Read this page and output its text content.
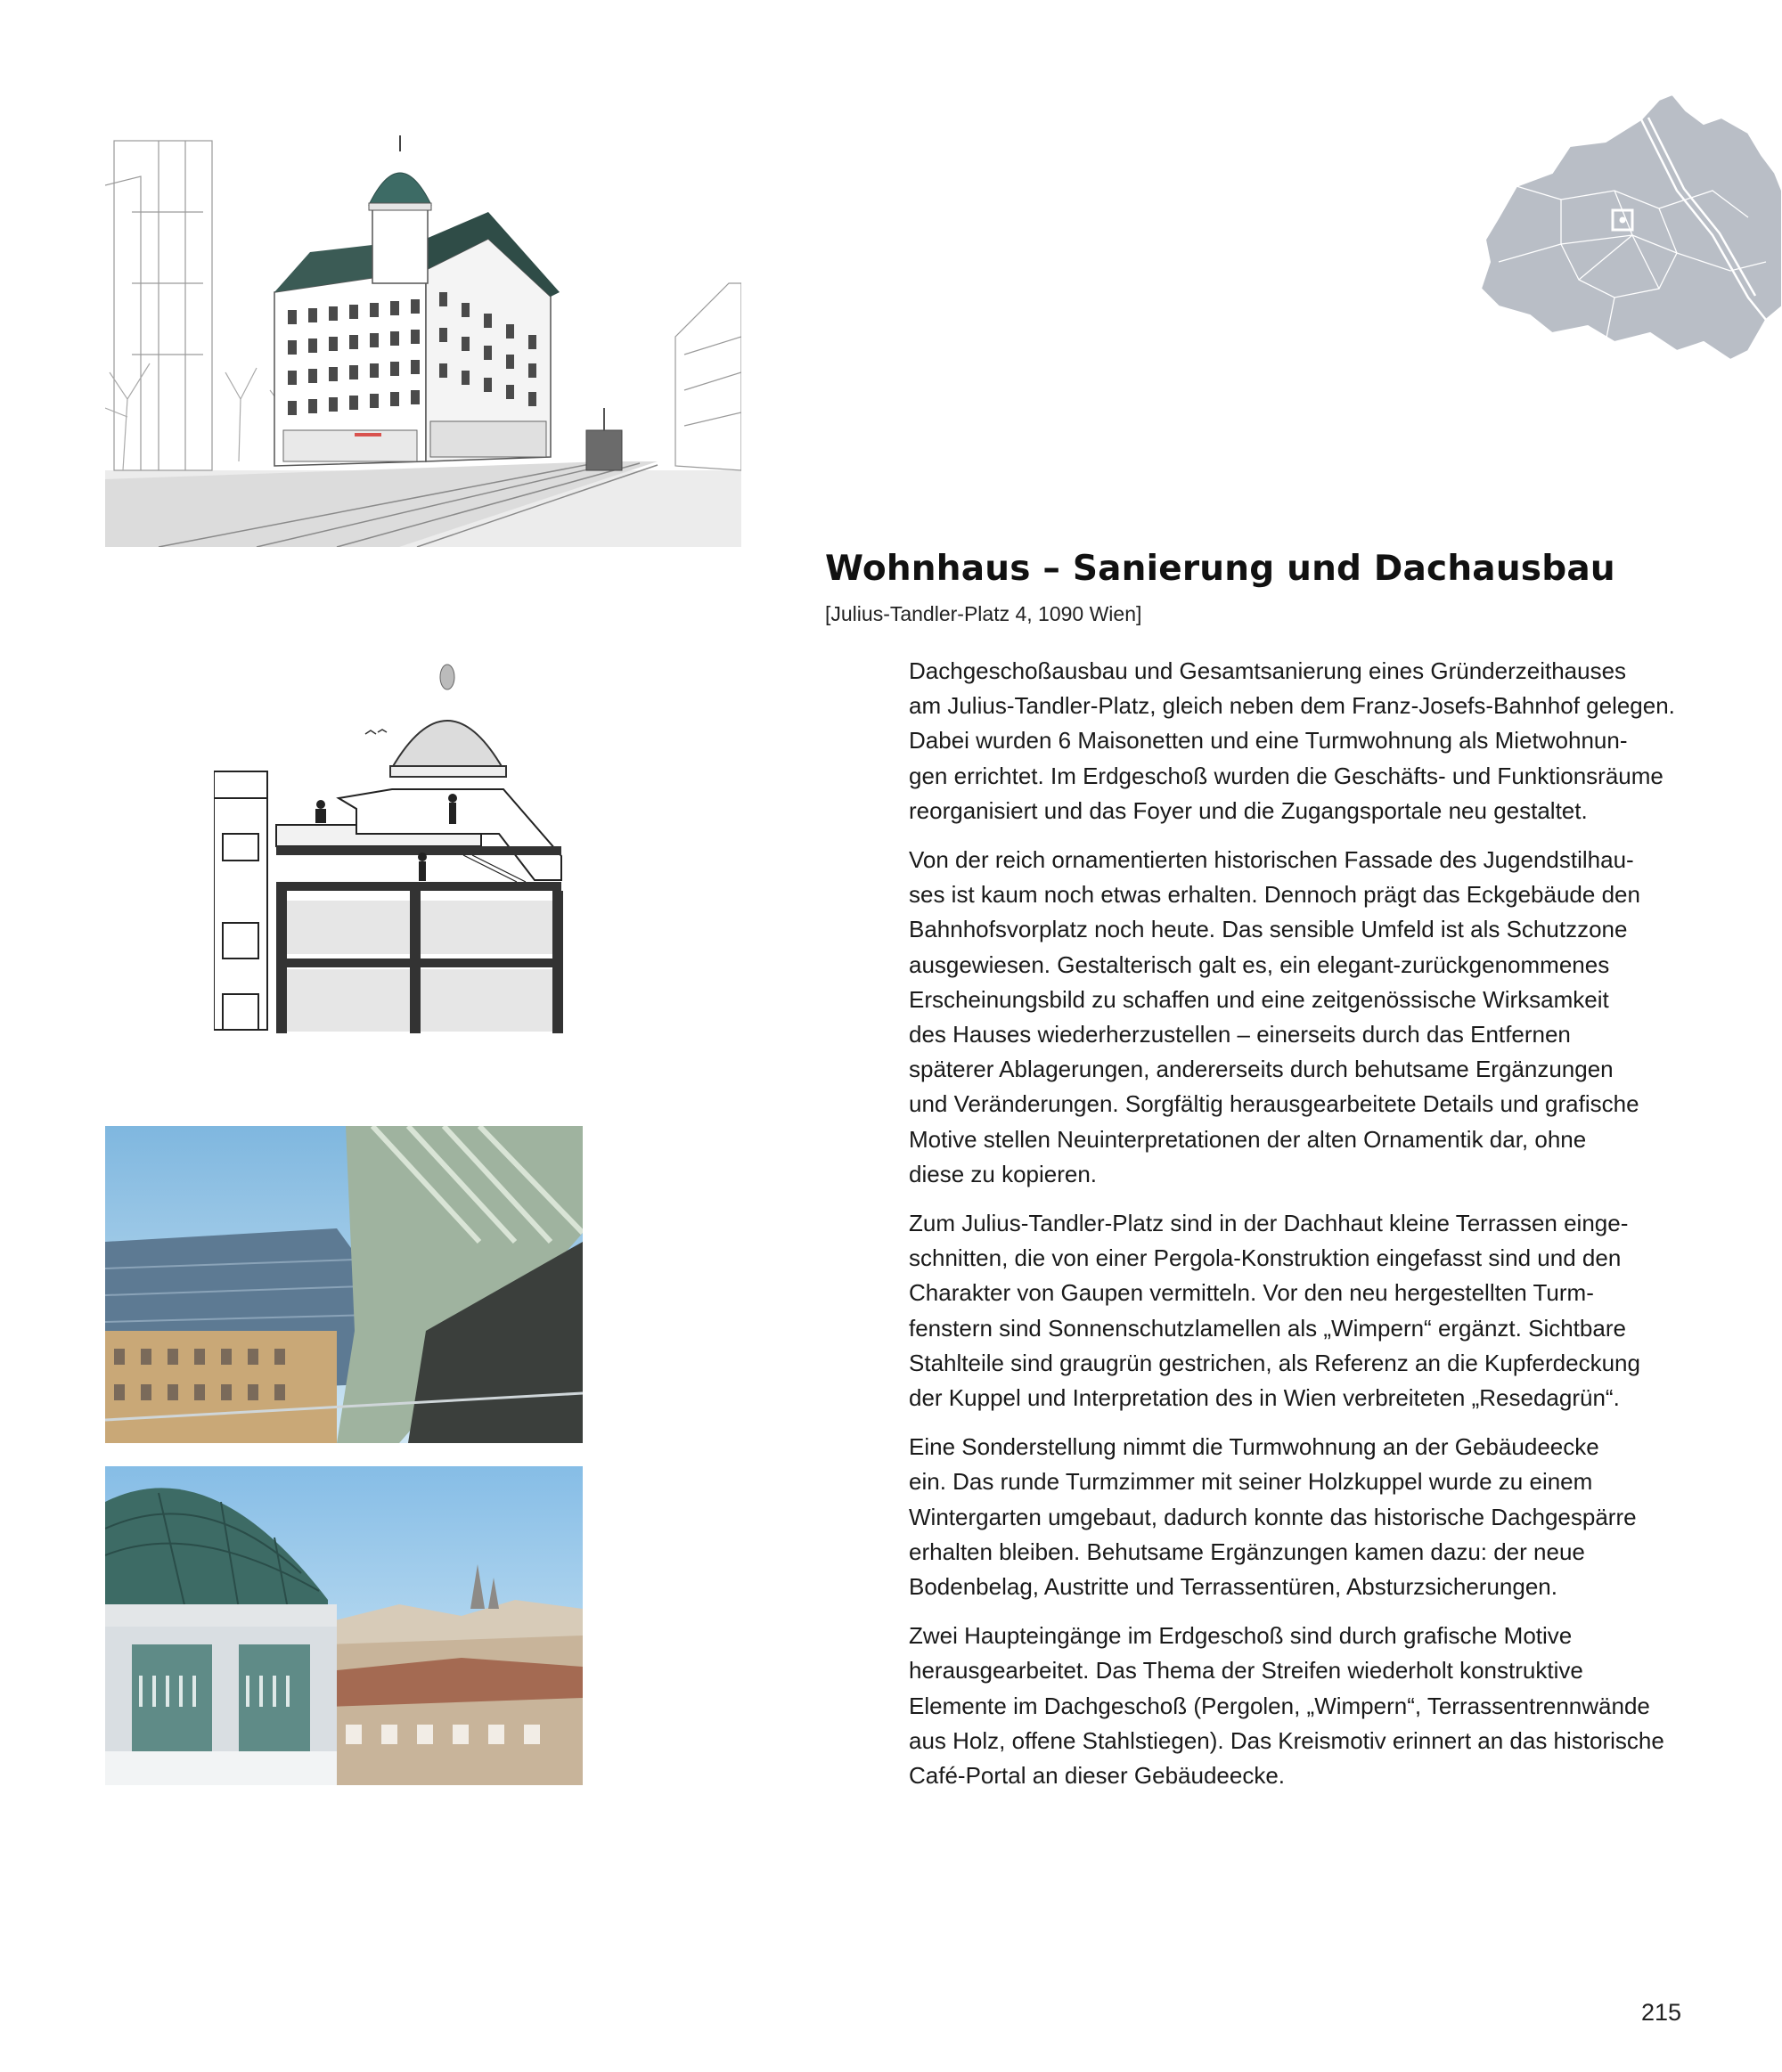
Wohnhaus – Sanierung und Dachausbau

[Julius-Tandler-Platz 4, 1090 Wien]

Dachgeschoßausbau und Gesamtsanierung eines Gründerzeithauses
am Julius-Tandler-Platz, gleich neben dem Franz-Josefs-Bahnhof gelegen.
Dabei wurden 6 Maisonetten und eine Turmwohnung als Mietwohnun-
gen errichtet. Im Erdgeschoß wurden die Geschäfts- und Funktionsräume
reorganisiert und das Foyer und die Zugangsportale neu gestaltet.

Von der reich ornamentierten historischen Fassade des Jugendstilhau-
ses ist kaum noch etwas erhalten. Dennoch prägt das Eckgebäude den
Bahnhofsvorplatz noch heute. Das sensible Umfeld ist als Schutzzone
ausgewiesen. Gestalterisch galt es, ein elegant-zurückgenommenes
Erscheinungsbild zu schaffen und eine zeitgenössische Wirksamkeit
des Hauses wiederherzustellen – einerseits durch das Entfernen
späterer Ablagerungen, andererseits durch behutsame Ergänzungen
und Veränderungen. Sorgfältig herausgearbeitete Details und grafische
Motive stellen Neuinterpretationen der alten Ornamentik dar, ohne
diese zu kopieren.

Zum Julius-Tandler-Platz sind in der Dachhaut kleine Terrassen einge-
schnitten, die von einer Pergola-Konstruktion eingefasst sind und den
Charakter von Gaupen vermitteln. Vor den neu hergestellten Turm-
fenstern sind Sonnenschutzlamellen als „Wimpern“ ergänzt. Sichtbare
Stahlteile sind graugrün gestrichen, als Referenz an die Kupferdeckung
der Kuppel und Interpretation des in Wien verbreiteten „Resedagrün“.

Eine Sonderstellung nimmt die Turmwohnung an der Gebäudeecke
ein. Das runde Turmzimmer mit seiner Holzkuppel wurde zu einem
Wintergarten umgebaut, dadurch konnte das historische Dachgespärre
erhalten bleiben. Behutsame Ergänzungen kamen dazu: der neue
Bodenbelag, Austritte und Terrassentüren, Absturzsicherungen.

Zwei Haupteingänge im Erdgeschoß sind durch grafische Motive
herausgearbeitet. Das Thema der Streifen wiederholt konstruktive
Elemente im Dachgeschoß (Pergolen, „Wimpern“, Terrassentrennwände
aus Holz, offene Stahlstiegen). Das Kreismotiv erinnert an das historische
Café-Portal an dieser Gebäudeecke.

215
